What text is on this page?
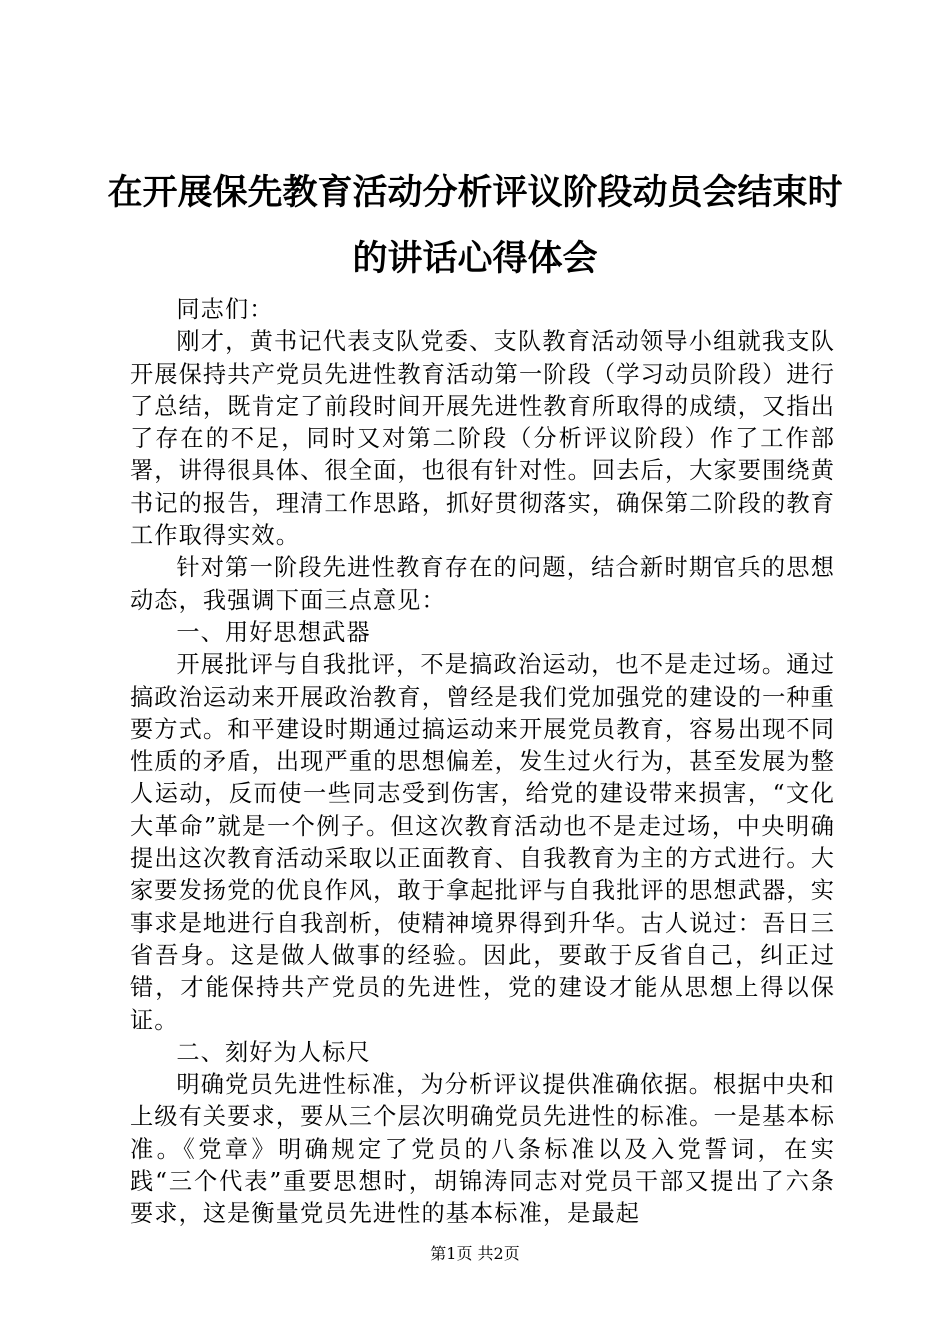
在开展保先教育活动分析评议阶段动员会结束时的讲话心得体会

同志们：

刚才，黄书记代表支队党委、支队教育活动领导小组就我支队开展保持共产党员先进性教育活动第一阶段（学习动员阶段）进行了总结，既肯定了前段时间开展先进性教育所取得的成绩，又指出了存在的不足，同时又对第二阶段（分析评议阶段）作了工作部署，讲得很具体、很全面，也很有针对性。回去后，大家要围绕黄书记的报告，理清工作思路，抓好贯彻落实，确保第二阶段的教育工作取得实效。

针对第一阶段先进性教育存在的问题，结合新时期官兵的思想动态，我强调下面三点意见：

一、用好思想武器

开展批评与自我批评，不是搞政治运动，也不是走过场。通过搞政治运动来开展政治教育，曾经是我们党加强党的建设的一种重要方式。和平建设时期通过搞运动来开展党员教育，容易出现不同性质的矛盾，出现严重的思想偏差，发生过火行为，甚至发展为整人运动，反而使一些同志受到伤害，给党的建设带来损害，“文化大革命”就是一个例子。但这次教育活动也不是走过场，中央明确提出这次教育活动采取以正面教育、自我教育为主的方式进行。大家要发扬党的优良作风，敢于拿起批评与自我批评的思想武器，实事求是地进行自我剖析，使精神境界得到升华。古人说过：吾日三省吾身。这是做人做事的经验。因此，要敢于反省自己，纠正过错，才能保持共产党员的先进性，党的建设才能从思想上得以保证。

二、刻好为人标尺

明确党员先进性标准，为分析评议提供准确依据。根据中央和上级有关要求，要从三个层次明确党员先进性的标准。一是基本标准。《党章》明确规定了党员的八条标准以及入党誓词，在实践“三个代表”重要思想时，胡锦涛同志对党员干部又提出了六条要求，这是衡量党员先进性的基本标准，是最起

第1页 共2页
